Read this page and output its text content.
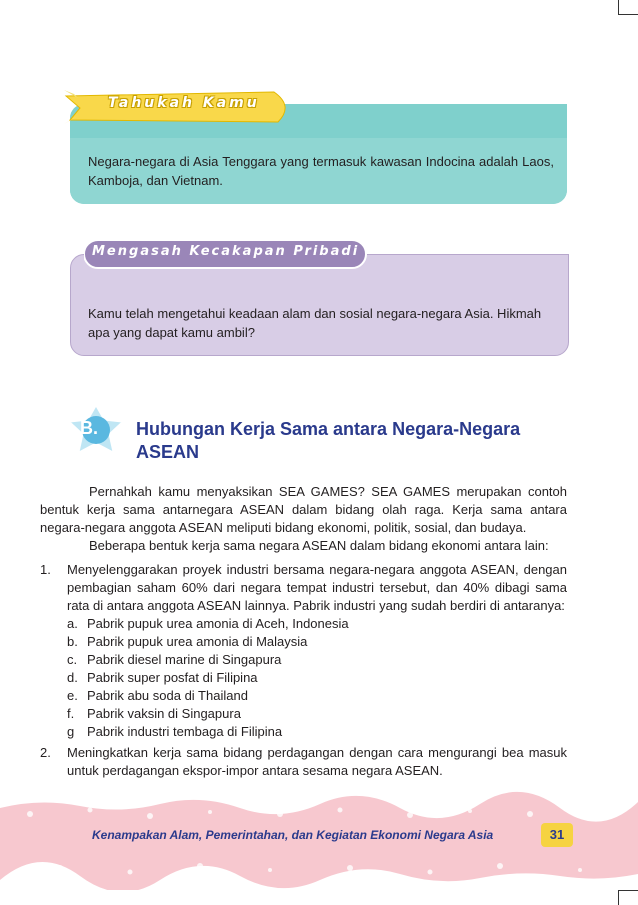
Tahukah Kamu
Negara-negara di Asia Tenggara yang termasuk kawasan Indocina adalah Laos, Kamboja, dan Vietnam.
Mengasah Kecakapan Pribadi
Kamu telah mengetahui keadaan alam dan sosial negara-negara Asia. Hikmah apa yang dapat kamu ambil?
B. Hubungan Kerja Sama antara Negara-Negara ASEAN
Pernahkah kamu menyaksikan SEA GAMES? SEA GAMES merupakan contoh bentuk kerja sama antarnegara ASEAN dalam bidang olah raga. Kerja sama antara negara-negara anggota ASEAN meliputi bidang ekonomi, politik, sosial, dan budaya.
Beberapa bentuk kerja sama negara ASEAN dalam bidang ekonomi antara lain:
1. Menyelenggarakan proyek industri bersama negara-negara anggota ASEAN, dengan pembagian saham 60% dari negara tempat industri tersebut, dan 40% dibagi sama rata di antara anggota ASEAN lainnya. Pabrik industri yang sudah berdiri di antaranya:
a. Pabrik pupuk urea amonia di Aceh, Indonesia
b. Pabrik pupuk urea amonia di Malaysia
c. Pabrik diesel marine di Singapura
d. Pabrik super posfat di Filipina
e. Pabrik abu soda di Thailand
f. Pabrik vaksin di Singapura
g Pabrik industri tembaga di Filipina
2. Meningkatkan kerja sama bidang perdagangan dengan cara mengurangi bea masuk untuk perdagangan ekspor-impor antara sesama negara ASEAN.
Kenampakan Alam, Pemerintahan, dan Kegiatan Ekonomi Negara Asia	31
